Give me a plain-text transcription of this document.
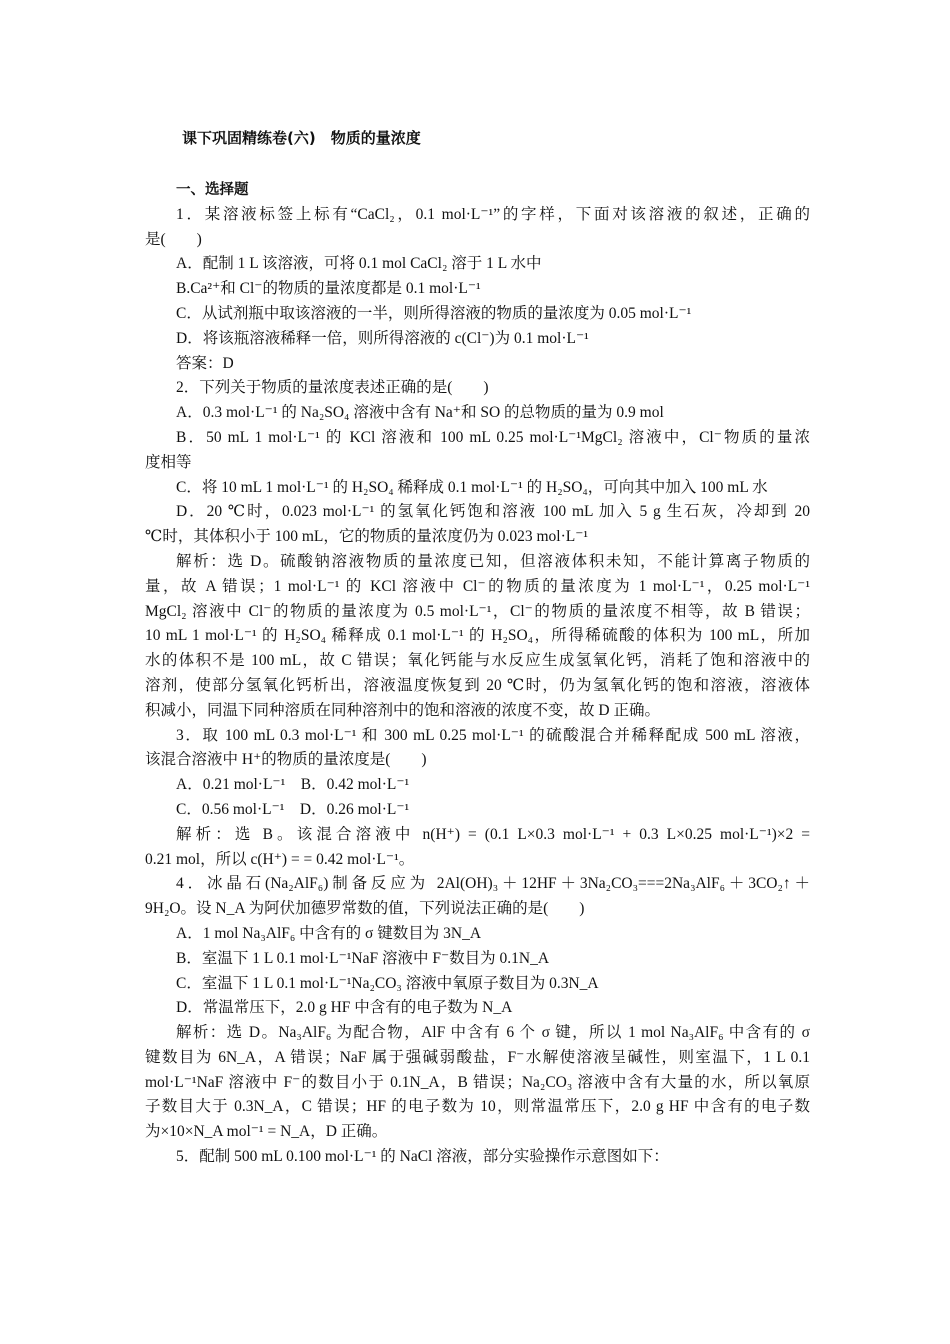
课下巩固精练卷(六)　物质的量浓度
一、选择题
1．某溶液标签上标有“CaCl₂，0.1 mol·L⁻¹”的字样，下面对该溶液的叙述，正确的
是(　　)
A．配制 1 L 该溶液，可将 0.1 mol CaCl₂ 溶于 1 L 水中
B.Ca²⁺和 Cl⁻的物质的量浓度都是 0.1 mol·L⁻¹
C．从试剂瓶中取该溶液的一半，则所得溶液的物质的量浓度为 0.05 mol·L⁻¹
D．将该瓶溶液稀释一倍，则所得溶液的 c(Cl⁻)为 0.1 mol·L⁻¹
答案：D
2．下列关于物质的量浓度表述正确的是(　　)
A．0.3 mol·L⁻¹ 的 Na₂SO₄ 溶液中含有 Na⁺和 SO 的总物质的量为 0.9 mol
B．50 mL 1 mol·L⁻¹ 的 KCl 溶液和 100 mL 0.25 mol·L⁻¹MgCl₂ 溶液中，Cl⁻物质的量浓
度相等
C．将 10 mL 1 mol·L⁻¹ 的 H₂SO₄ 稀释成 0.1 mol·L⁻¹ 的 H₂SO₄，可向其中加入 100 mL 水
D．20 ℃时，0.023 mol·L⁻¹ 的氢氧化钙饱和溶液 100 mL 加入 5 g 生石灰，冷却到 20
℃时，其体积小于 100 mL，它的物质的量浓度仍为 0.023 mol·L⁻¹
解析：选 D。硫酸钠溶液物质的量浓度已知，但溶液体积未知，不能计算离子物质的
量，故 A 错误；1 mol·L⁻¹ 的 KCl 溶液中 Cl⁻的物质的量浓度为 1 mol·L⁻¹，0.25 mol·L⁻¹
MgCl₂ 溶液中 Cl⁻的物质的量浓度为 0.5 mol·L⁻¹，Cl⁻的物质的量浓度不相等，故 B 错误；
10 mL 1 mol·L⁻¹ 的 H₂SO₄ 稀释成 0.1 mol·L⁻¹ 的 H₂SO₄，所得稀硫酸的体积为 100 mL，所加
水的体积不是 100 mL，故 C 错误；氧化钙能与水反应生成氢氧化钙，消耗了饱和溶液中的
溶剂，使部分氢氧化钙析出，溶液温度恢复到 20 ℃时，仍为氢氧化钙的饱和溶液，溶液体
积减小，同温下同种溶质在同种溶剂中的饱和溶液的浓度不变，故 D 正确。
3．取 100 mL 0.3 mol·L⁻¹ 和 300 mL 0.25 mol·L⁻¹ 的硫酸混合并稀释配成 500 mL 溶液，
该混合溶液中 H⁺的物质的量浓度是(　　)
A．0.21 mol·L⁻¹　B．0.42 mol·L⁻¹
C．0.56 mol·L⁻¹　D．0.26 mol·L⁻¹
解析：选 B。该混合溶液中 n(H⁺) = (0.1 L×0.3 mol·L⁻¹ + 0.3 L×0.25 mol·L⁻¹)×2 =
0.21 mol，所以 c(H⁺) = = 0.42 mol·L⁻¹。
4．冰晶石(Na₂AlF₆)制备反应为 2Al(OH)₃＋12HF＋3Na₂CO₃===2Na₃AlF₆＋3CO₂↑＋
9H₂O。设 N_A 为阿伏加德罗常数的值，下列说法正确的是(　　)
A．1 mol Na₃AlF₆ 中含有的 σ 键数目为 3N_A
B．室温下 1 L 0.1 mol·L⁻¹NaF 溶液中 F⁻数目为 0.1N_A
C．室温下 1 L 0.1 mol·L⁻¹Na₂CO₃ 溶液中氧原子数目为 0.3N_A
D．常温常压下，2.0 g HF 中含有的电子数为 N_A
解析：选 D。Na₃AlF₆ 为配合物，AlF 中含有 6 个 σ 键，所以 1 mol Na₃AlF₆ 中含有的 σ
键数目为 6N_A，A 错误；NaF 属于强碱弱酸盐，F⁻水解使溶液呈碱性，则室温下，1 L 0.1
mol·L⁻¹NaF 溶液中 F⁻的数目小于 0.1N_A，B 错误；Na₂CO₃ 溶液中含有大量的水，所以氧原
子数目大于 0.3N_A，C 错误；HF 的电子数为 10，则常温常压下，2.0 g HF 中含有的电子数
为×10×N_A mol⁻¹ = N_A，D 正确。
5．配制 500 mL 0.100 mol·L⁻¹ 的 NaCl 溶液，部分实验操作示意图如下：
